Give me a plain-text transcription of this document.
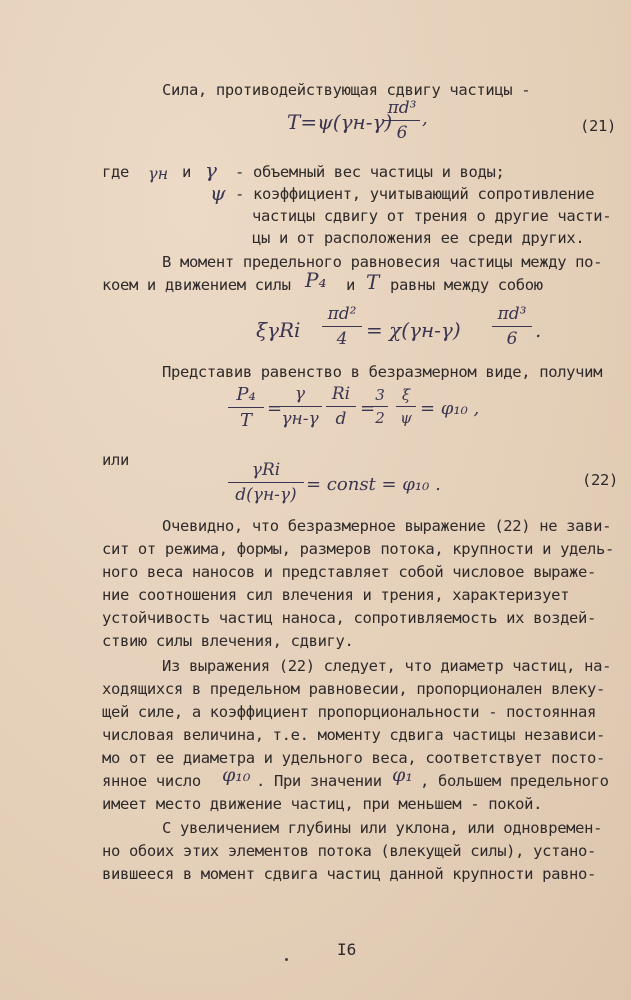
Сила, противодействующая сдвигу частицы -
T=ψ(γн-γ)
πd³
6
,	(21)
где γн и γ - объемный вес частицы и воды;
ψ - коэффициент, учитывающий сопротивление
частицы сдвигу от трения о другие части-
цы и от расположения ее среди других.
В момент предельного равновесия частицы между по-
коем и движением силы P₄ и T равны между собою
ξγRi
πd²
4 = χ(γн-γ)
πd³
6 .
Представив равенство в безразмерном виде, получим
P₄
T
=
γ
γн-γ
Ri
d =
3
2
ξ
ψ = φ₁₀ ,
или	γRi
d(γн-γ) = const = φ₁₀ .	(22)
Очевидно, что безразмерное выражение (22) не зави-
сит от режима, формы, размеров потока, крупности и удель-
ного веса наносов и представляет собой числовое выраже-
ние соотношения сил влечения и трения, характеризует
устойчивость частиц наноса, сопротивляемость их воздей-
ствию силы влечения, сдвигу.
Из выражения (22) следует, что диаметр частиц, на-
ходящихся в предельном равновесии, пропорционален влеку-
щей силе, а коэффициент пропорциональности - постоянная
числовая величина, т.е. моменту сдвига частицы независи-
мо от ее диаметра и удельного веса, соответствует посто-
янное число φ₁₀ . При значении φ₁ , большем предельного
имеет место движение частиц, при меньшем - покой.
С увеличением глубины или уклона, или одновремен-
но обоих этих элементов потока (влекущей силы), устано-
вившееся в момент сдвига частиц данной крупности равно-
I6
